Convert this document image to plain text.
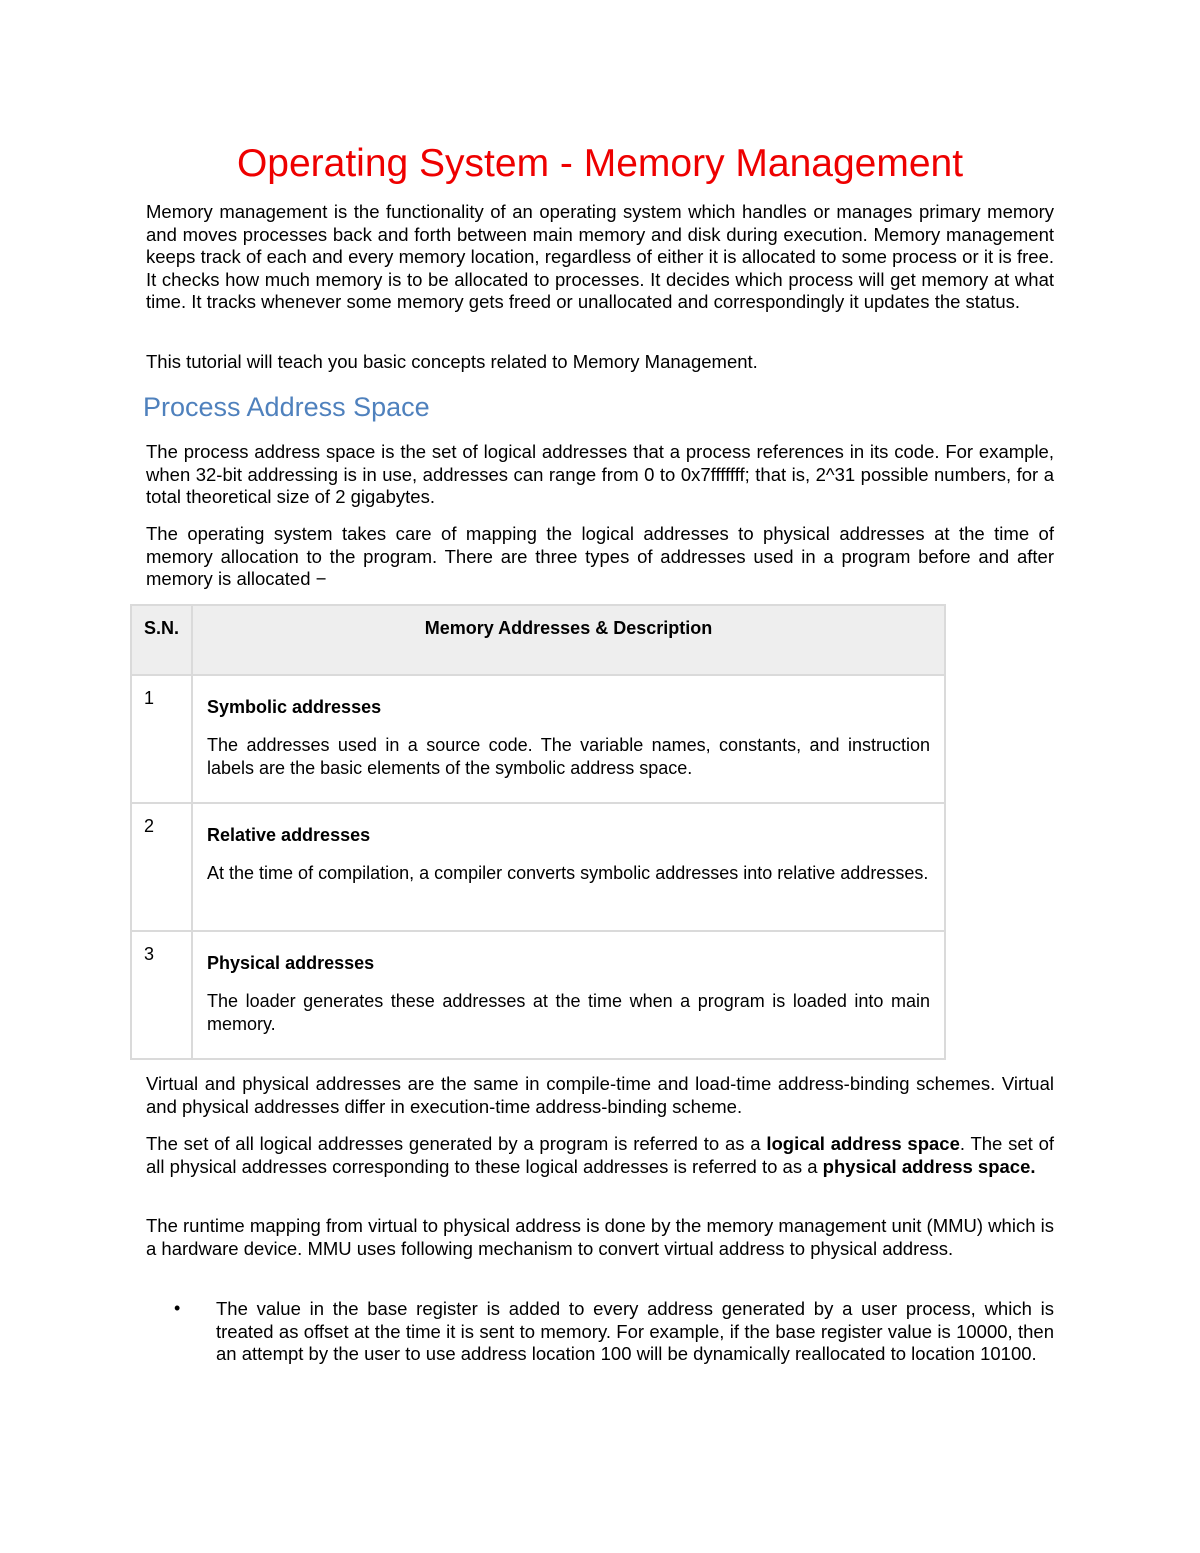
Operating System - Memory Management

Memory management is the functionality of an operating system which handles or manages primary memory and moves processes back and forth between main memory and disk during execution. Memory management keeps track of each and every memory location, regardless of either it is allocated to some process or it is free. It checks how much memory is to be allocated to processes. It decides which process will get memory at what time. It tracks whenever some memory gets freed or unallocated and correspondingly it updates the status.

This tutorial will teach you basic concepts related to Memory Management.

Process Address Space

The process address space is the set of logical addresses that a process references in its code. For example, when 32-bit addressing is in use, addresses can range from 0 to 0x7fffffff; that is, 2^31 possible numbers, for a total theoretical size of 2 gigabytes.

The operating system takes care of mapping the logical addresses to physical addresses at the time of memory allocation to the program. There are three types of addresses used in a program before and after memory is allocated −

S.N.	Memory Addresses & Description
1	Symbolic addresses
The addresses used in a source code. The variable names, constants, and instruction labels are the basic elements of the symbolic address space.

2	Relative addresses
At the time of compilation, a compiler converts symbolic addresses into relative addresses.

3	Physical addresses
The loader generates these addresses at the time when a program is loaded into main memory.

Virtual and physical addresses are the same in compile-time and load-time address-binding schemes. Virtual and physical addresses differ in execution-time address-binding scheme.

The set of all logical addresses generated by a program is referred to as a logical address space. The set of all physical addresses corresponding to these logical addresses is referred to as a physical address space.

The runtime mapping from virtual to physical address is done by the memory management unit (MMU) which is a hardware device. MMU uses following mechanism to convert virtual address to physical address.

• The value in the base register is added to every address generated by a user process, which is treated as offset at the time it is sent to memory. For example, if the base register value is 10000, then an attempt by the user to use address location 100 will be dynamically reallocated to location 10100.
